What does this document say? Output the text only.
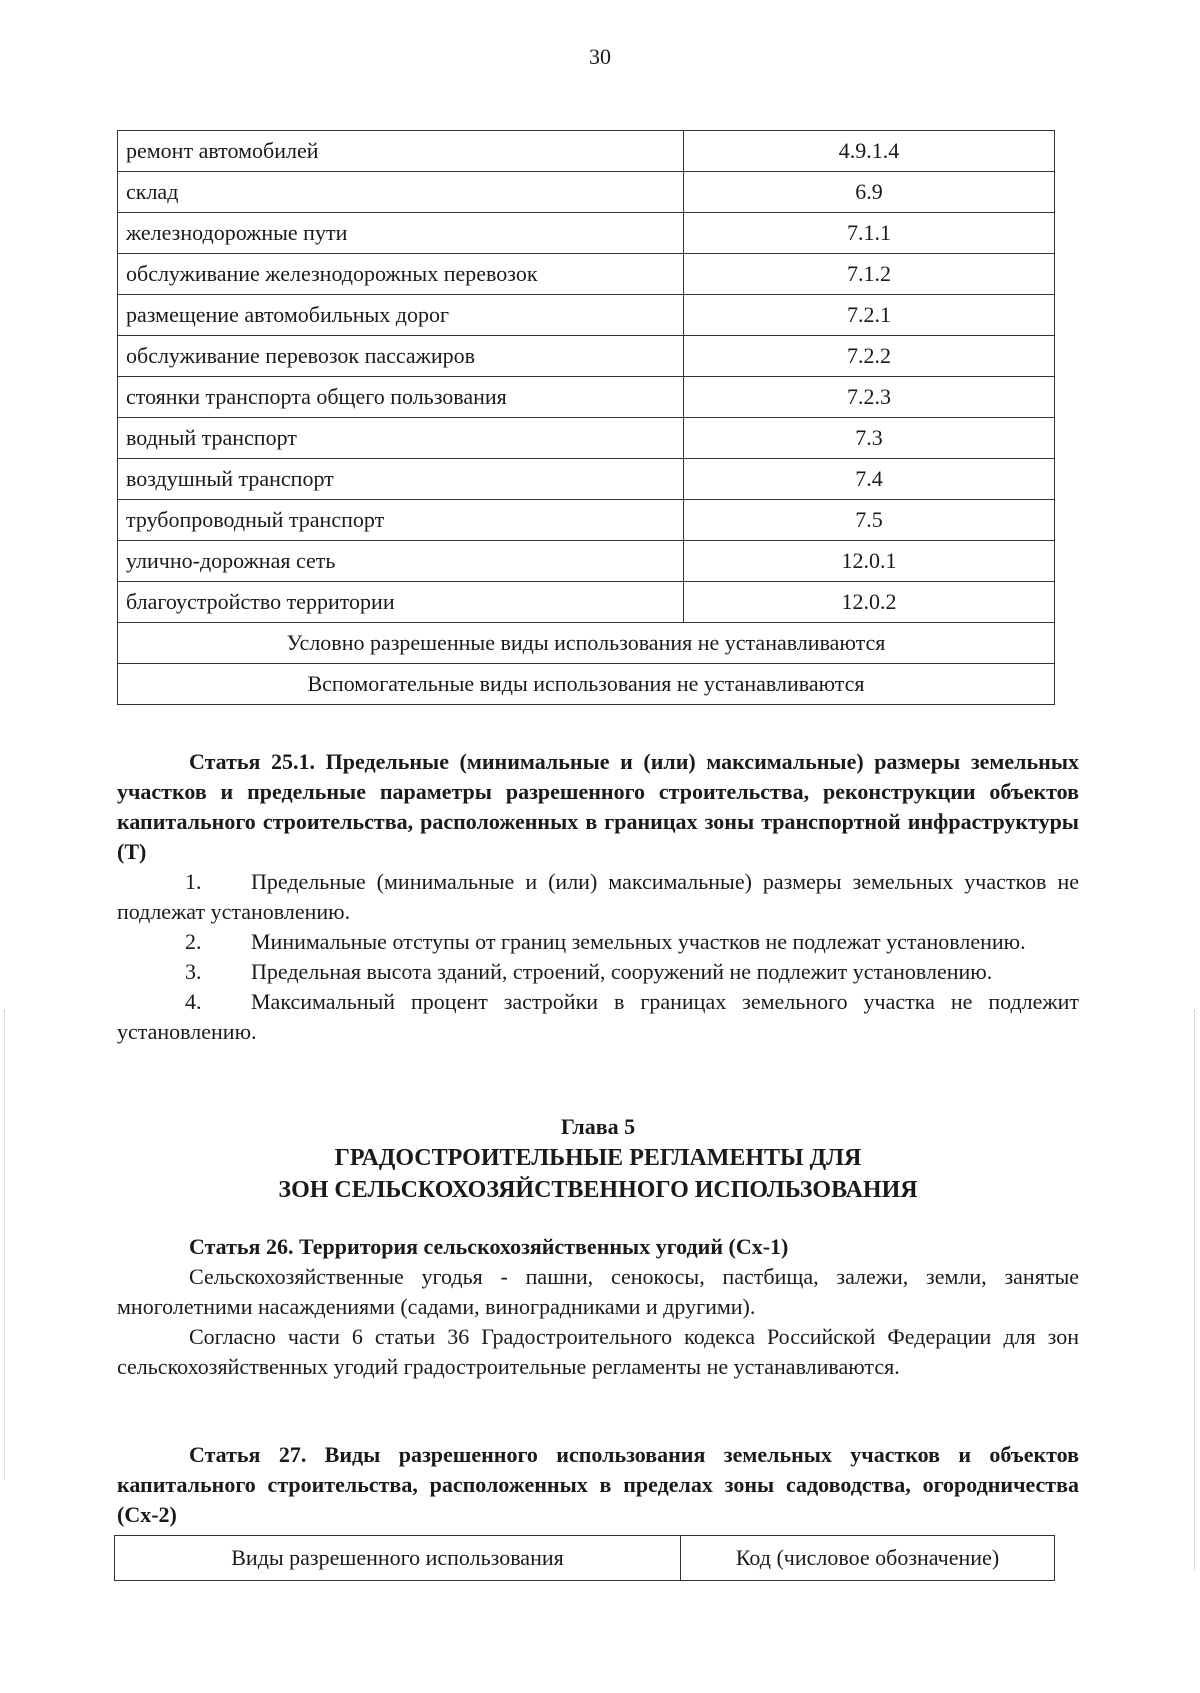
30
ремонт автомобилей	4.9.1.4
склад	6.9
железнодорожные пути	7.1.1
обслуживание железнодорожных перевозок	7.1.2
размещение автомобильных дорог	7.2.1
обслуживание перевозок пассажиров	7.2.2
стоянки транспорта общего пользования	7.2.3
водный транспорт	7.3
воздушный транспорт	7.4
трубопроводный транспорт	7.5
улично-дорожная сеть	12.0.1
благоустройство территории	12.0.2
Условно разрешенные виды использования не устанавливаются	
Вспомогательные виды использования не устанавливаются	
Статья 25.1. Предельные (минимальные и (или) максимальные) размеры земельных участков и предельные параметры разрешенного строительства, реконструкции объектов капитального строительства, расположенных в границах зоны транспортной инфраструктуры (Т)
1. Предельные (минимальные и (или) максимальные) размеры земельных участков не подлежат установлению.
2. Минимальные отступы от границ земельных участков не подлежат установлению.
3. Предельная высота зданий, строений, сооружений не подлежит установлению.
4. Максимальный процент застройки в границах земельного участка не подлежит установлению.
Глава 5
ГРАДОСТРОИТЕЛЬНЫЕ РЕГЛАМЕНТЫ ДЛЯ
ЗОН СЕЛЬСКОХОЗЯЙСТВЕННОГО ИСПОЛЬЗОВАНИЯ
Статья 26. Территория сельскохозяйственных угодий (Сх-1)
Сельскохозяйственные угодья - пашни, сенокосы, пастбища, залежи, земли, занятые многолетними насаждениями (садами, виноградниками и другими).
Согласно части 6 статьи 36 Градостроительного кодекса Российской Федерации для зон сельскохозяйственных угодий градостроительные регламенты не устанавливаются.
Статья 27. Виды разрешенного использования земельных участков и объектов капитального строительства, расположенных в пределах зоны садоводства, огородничества (Сх-2)
Виды разрешенного использования	Код (числовое обозначение)
